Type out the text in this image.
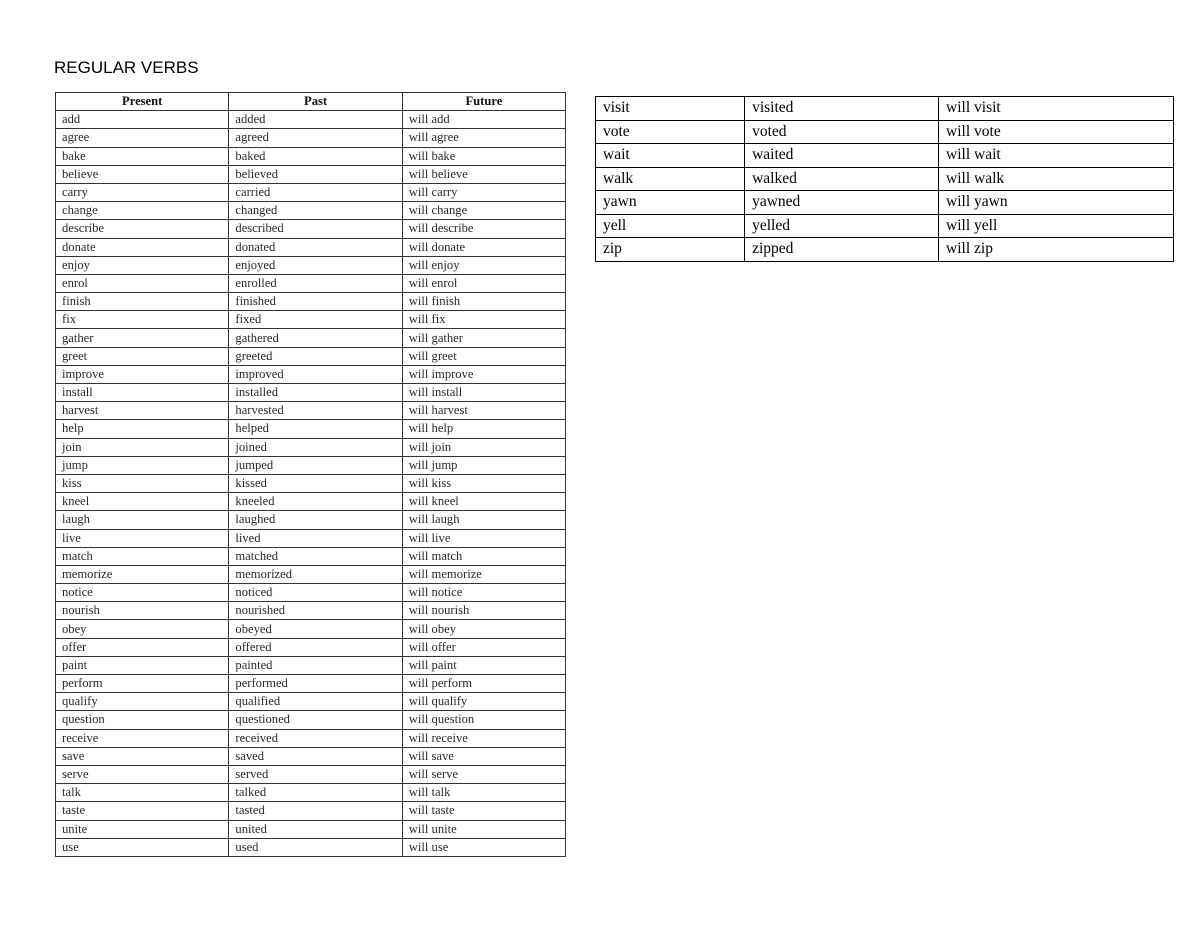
REGULAR VERBS
Present	Past	Future
add	added	will add
agree	agreed	will agree
bake	baked	will bake
believe	believed	will believe
carry	carried	will carry
change	changed	will change
describe	described	will describe
donate	donated	will donate
enjoy	enjoyed	will enjoy
enrol	enrolled	will enrol
finish	finished	will finish
fix	fixed	will fix
gather	gathered	will gather
greet	greeted	will greet
improve	improved	will improve
install	installed	will install
harvest	harvested	will harvest
help	helped	will help
join	joined	will join
jump	jumped	will jump
kiss	kissed	will kiss
kneel	kneeled	will kneel
laugh	laughed	will laugh
live	lived	will live
match	matched	will match
memorize	memorized	will memorize
notice	noticed	will notice
nourish	nourished	will nourish
obey	obeyed	will obey
offer	offered	will offer
paint	painted	will paint
perform	performed	will perform
qualify	qualified	will qualify
question	questioned	will question
receive	received	will receive
save	saved	will save
serve	served	will serve
talk	talked	will talk
taste	tasted	will taste
unite	united	will unite
use	used	will use
visit	visited	will visit
vote	voted	will vote
wait	waited	will wait
walk	walked	will walk
yawn	yawned	will yawn
yell	yelled	will yell
zip	zipped	will zip
